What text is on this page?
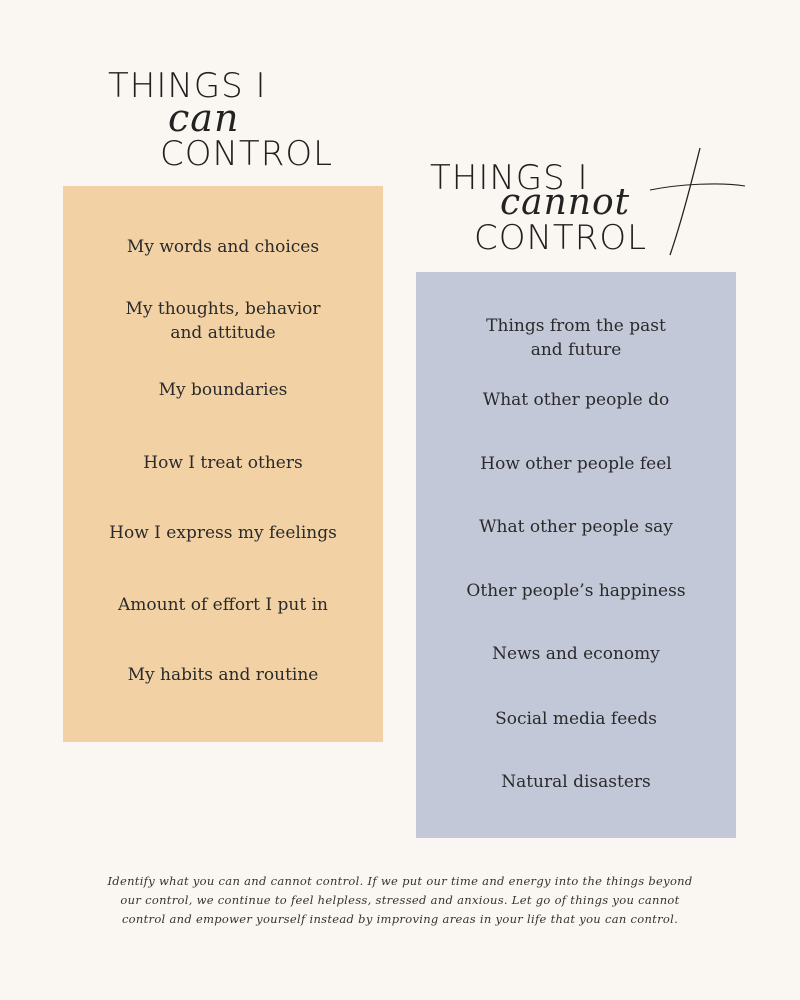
THINGS I
can
CONTROL
THINGS I
cannot
CONTROL
My words and choices
My thoughts, behavior
and attitude
My boundaries
How I treat others
How I express my feelings
Amount of effort I put in
My habits and routine
Things from the past
and future
What other people do
How other people feel
What other people say
Other people’s happiness
News and economy
Social media feeds
Natural disasters
Identify what you can and cannot control. If we put our time and energy into the things beyond our control, we continue to feel helpless, stressed and anxious. Let go of things you cannot control and empower yourself instead by improving areas in your life that you can control.
